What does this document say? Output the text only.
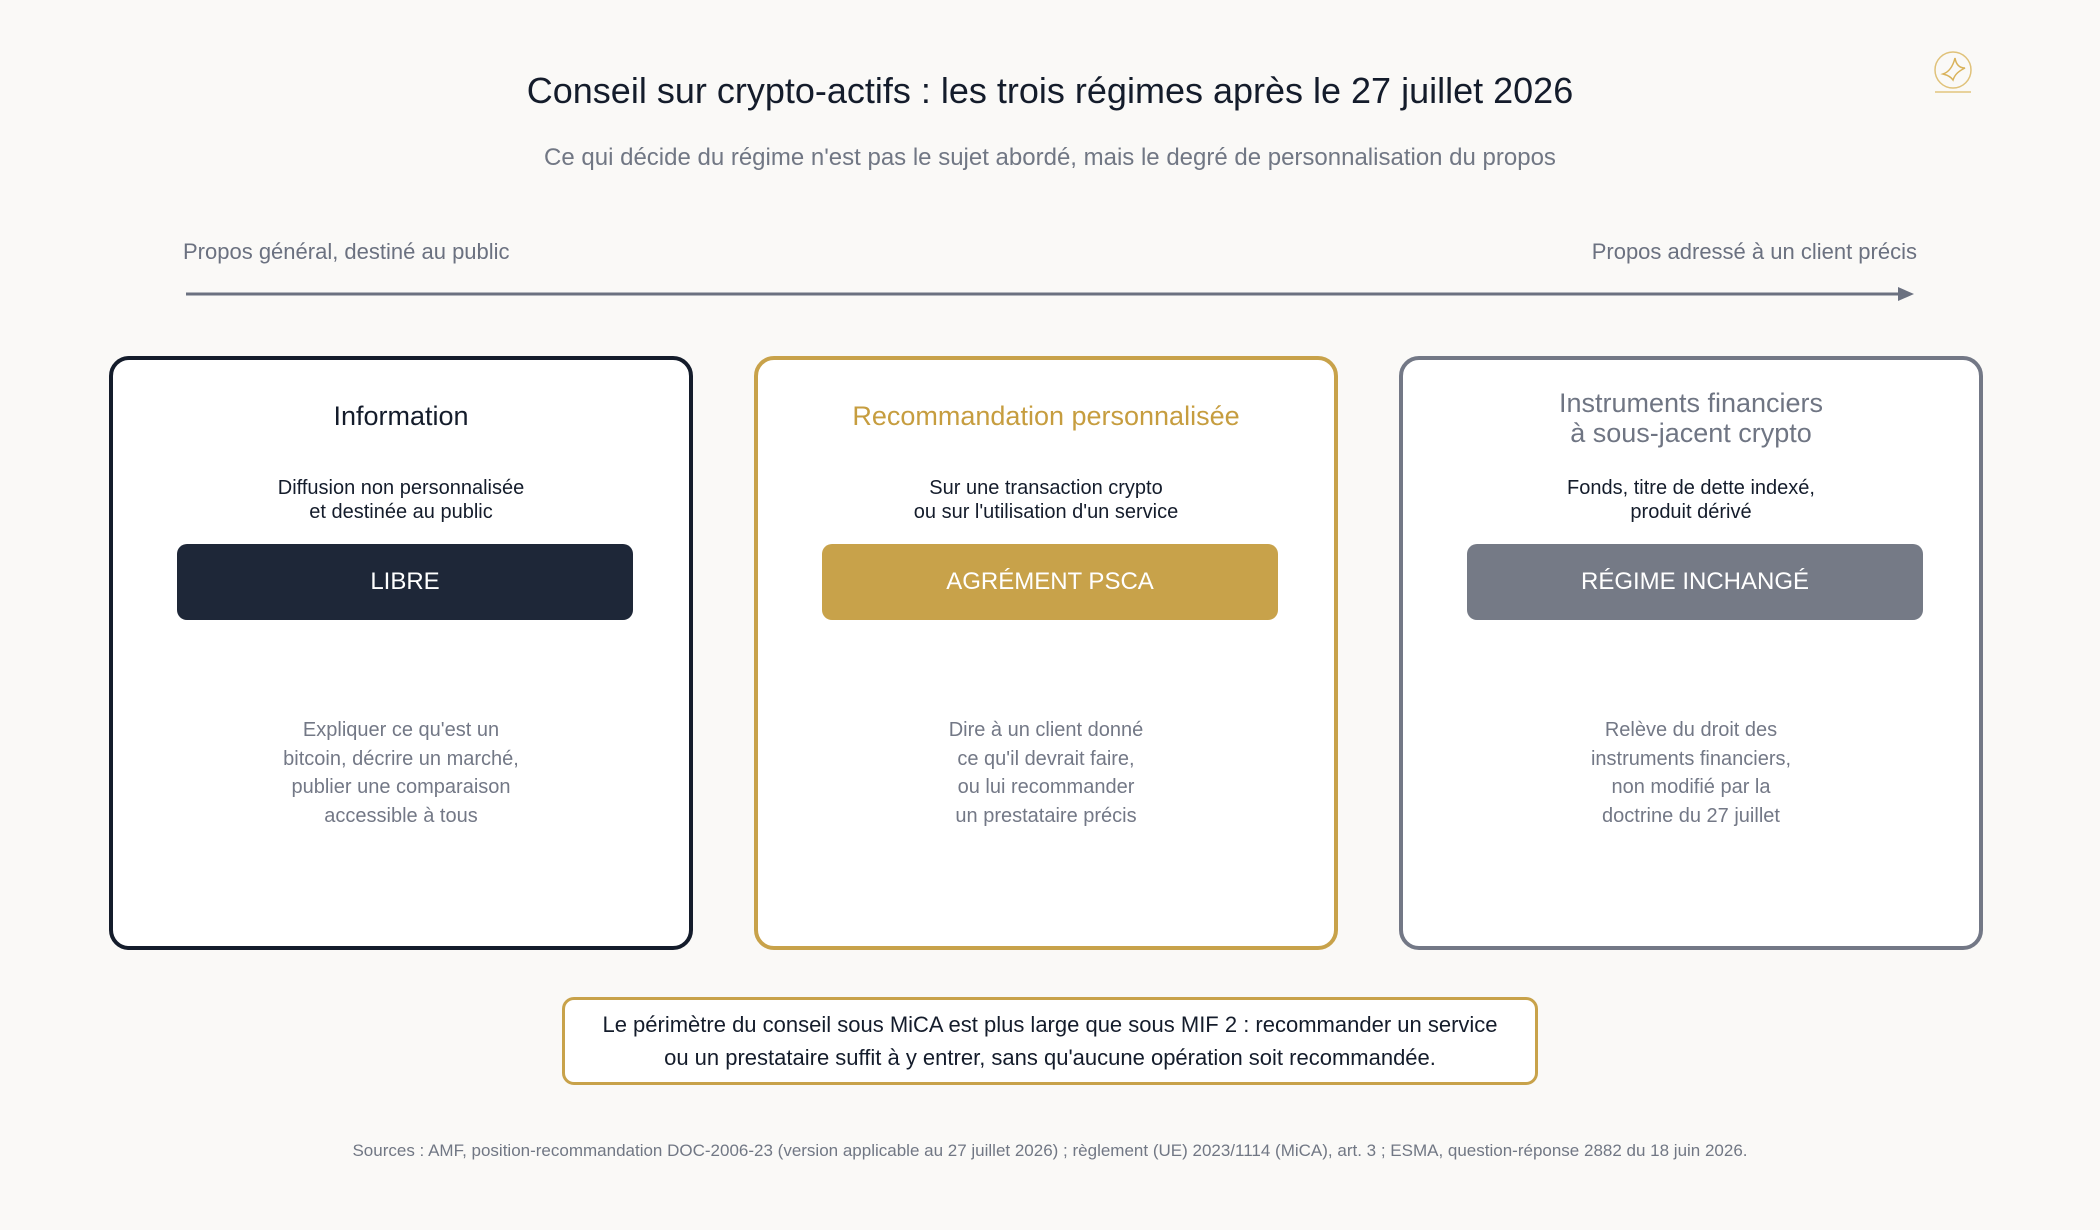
Conseil sur crypto-actifs : les trois régimes après le 27 juillet 2026
Ce qui décide du régime n'est pas le sujet abordé, mais le degré de personnalisation du propos
Propos général, destiné au public	Propos adressé à un client précis
Information
Diffusion non personnalisée
et destinée au public
LIBRE
Expliquer ce qu'est un
bitcoin, décrire un marché,
publier une comparaison
accessible à tous
Recommandation personnalisée
Sur une transaction crypto
ou sur l'utilisation d'un service
AGRÉMENT PSCA
Dire à un client donné
ce qu'il devrait faire,
ou lui recommander
un prestataire précis
Instruments financiers
à sous-jacent crypto
Fonds, titre de dette indexé,
produit dérivé
RÉGIME INCHANGÉ
Relève du droit des
instruments financiers,
non modifié par la
doctrine du 27 juillet
Le périmètre du conseil sous MiCA est plus large que sous MIF 2 : recommander un service
ou un prestataire suffit à y entrer, sans qu'aucune opération soit recommandée.
Sources : AMF, position-recommandation DOC-2006-23 (version applicable au 27 juillet 2026) ; règlement (UE) 2023/1114 (MiCA), art. 3 ; ESMA, question-réponse 2882 du 18 juin 2026.
